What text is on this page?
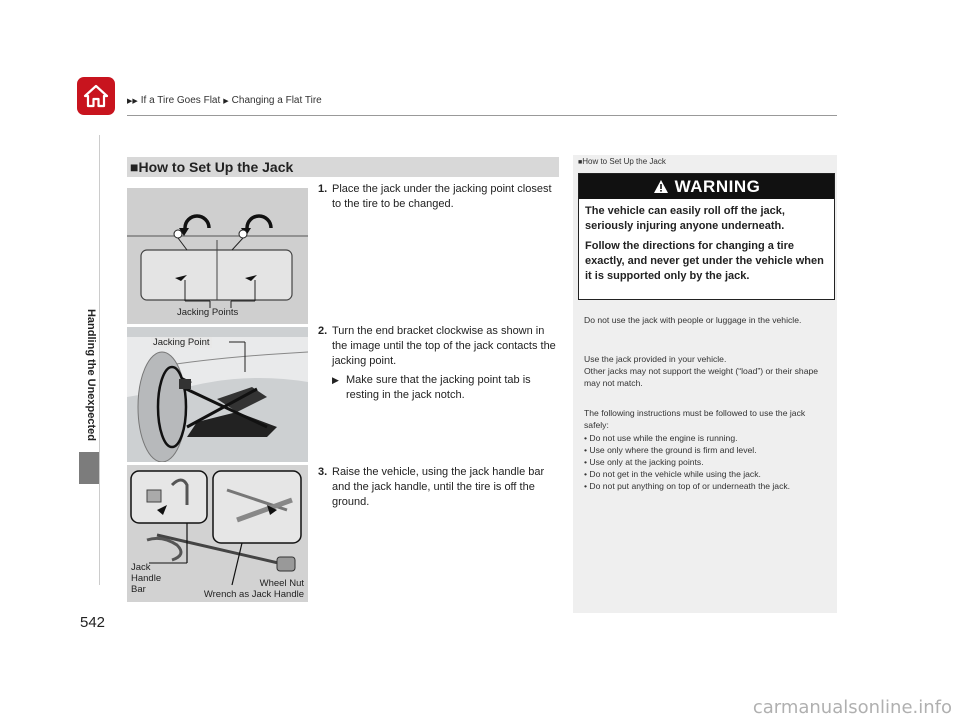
▶▶ If a Tire Goes Flat ▶ Changing a Flat Tire
Handling the Unexpected
542
■How to Set Up the Jack
Jacking Points
1. Place the jack under the jacking point closest to the tire to be changed.
Jacking Point
2. Turn the end bracket clockwise as shown in the image until the top of the jack contacts the jacking point.
▶ Make sure that the jacking point tab is resting in the jack notch.
Jack
Handle
Bar
Wheel Nut
Wrench as Jack Handle
3. Raise the vehicle, using the jack handle bar and the jack handle, until the tire is off the ground.
■How to Set Up the Jack
WARNING
The vehicle can easily roll off the jack, seriously injuring anyone underneath.
Follow the directions for changing a tire exactly, and never get under the vehicle when it is supported only by the jack.
Do not use the jack with people or luggage in the vehicle.
Use the jack provided in your vehicle.
Other jacks may not support the weight (“load”) or their shape may not match.
The following instructions must be followed to use the jack safely:
• Do not use while the engine is running.
• Use only where the ground is firm and level.
• Use only at the jacking points.
• Do not get in the vehicle while using the jack.
• Do not put anything on top of or underneath the jack.
carmanualsonline.info
